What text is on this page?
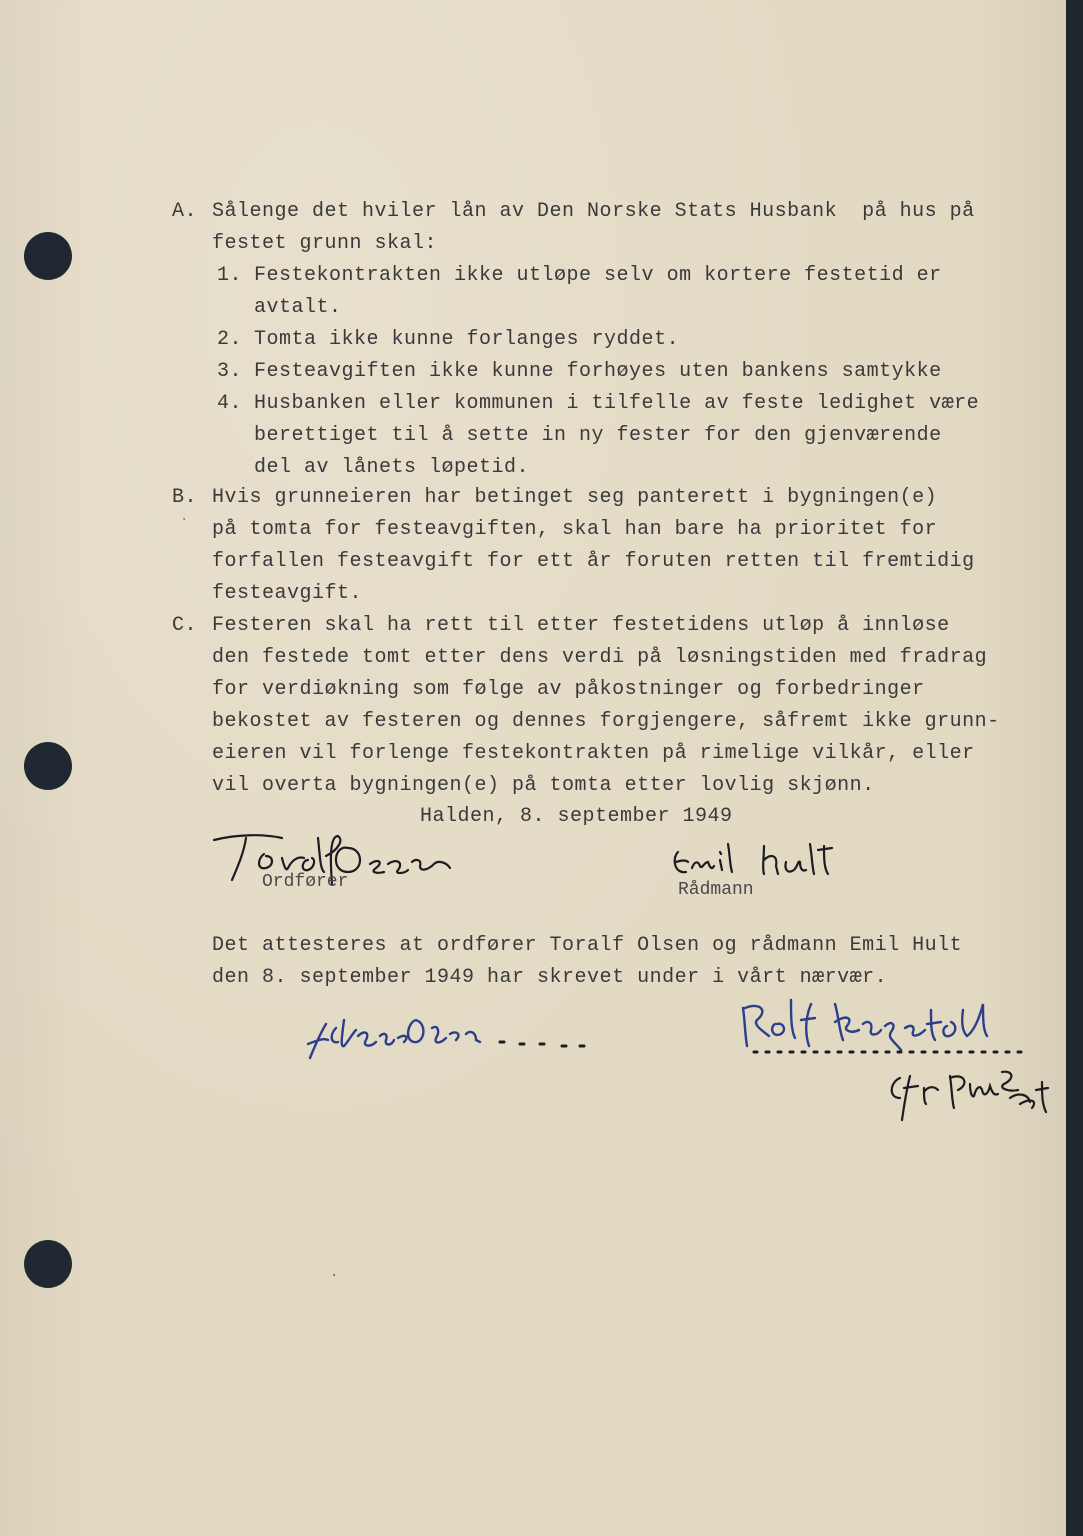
A. Sålenge det hviler lån av Den Norske Stats Husbank  på hus på
festet grunn skal:
1. Festekontrakten ikke utløpe selv om kortere festetid er
avtalt.
2. Tomta ikke kunne forlanges ryddet.
3. Festeavgiften ikke kunne forhøyes uten bankens samtykke
4. Husbanken eller kommunen i tilfelle av feste ledighet være
berettiget til å sette in ny fester for den gjenværende
del av lånets løpetid.
B. Hvis grunneieren har betinget seg panterett i bygningen(e)
på tomta for festeavgiften, skal han bare ha prioritet for
forfallen festeavgift for ett år foruten retten til fremtidig
festeavgift.
C. Festeren skal ha rett til etter festetidens utløp å innløse
den festede tomt etter dens verdi på løsningstiden med fradrag
for verdiøkning som følge av påkostninger og forbedringer
bekostet av festeren og dennes forgjengere, såfremt ikke grunn-
eieren vil forlenge festekontrakten på rimelige vilkår, eller
vil overta bygningen(e) på tomta etter lovlig skjønn.
Halden, 8. september 1949
Ordfører	Rådmann
Det attesteres at ordfører Toralf Olsen og rådmann Emil Hult
den 8. september 1949 har skrevet under i vårt nærvær.
·
·
